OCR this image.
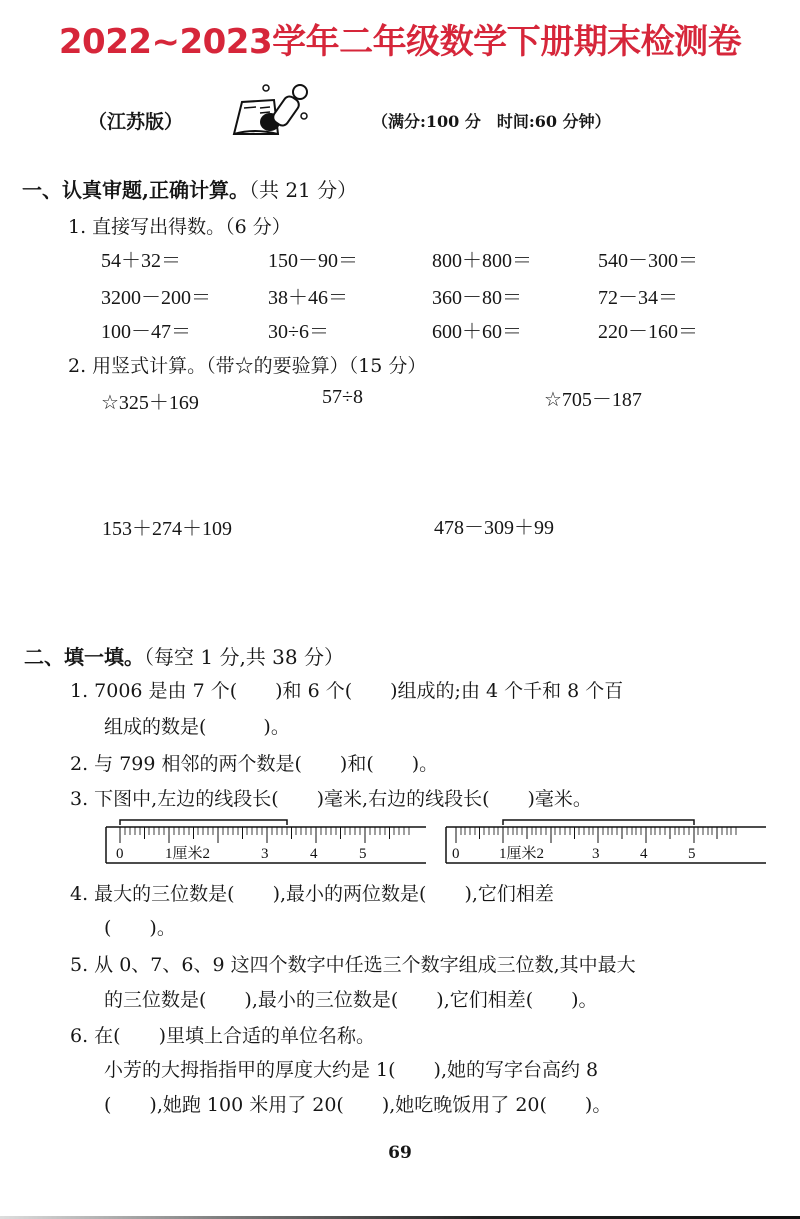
2022~2023学年二年级数学下册期末检测卷
（江苏版）	（满分:100 分　时间:60 分钟）
一、认真审题,正确计算。（共 21 分）
1. 直接写出得数。（6 分）
54＋32＝	150－90＝	800＋800＝	540－300＝
3200－200＝	38＋46＝	360－80＝	72－34＝
100－47＝	30÷6＝	600＋60＝	220－160＝
2. 用竖式计算。（带☆的要验算）（15 分）
☆325＋169	57÷8	☆705－187
153＋274＋109	478－309＋99
二、填一填。（每空 1 分,共 38 分）
1. 7006 是由 7 个(　　)和 6 个(　　)组成的;由 4 个千和 8 个百
组成的数是(　　　)。
2. 与 799 相邻的两个数是(　　)和(　　)。
3. 下图中,左边的线段长(　　)毫米,右边的线段长(　　)毫米。
0	1厘米2	3	4	5	0	1厘米2	3	4	5
4. 最大的三位数是(　　),最小的两位数是(　　),它们相差
(　　)。
5. 从 0、7、6、9 这四个数字中任选三个数字组成三位数,其中最大
的三位数是(　　),最小的三位数是(　　),它们相差(　　)。
6. 在(　　)里填上合适的单位名称。
小芳的大拇指指甲的厚度大约是 1(　　),她的写字台高约 8
(　　),她跑 100 米用了 20(　　),她吃晚饭用了 20(　　)。
69
